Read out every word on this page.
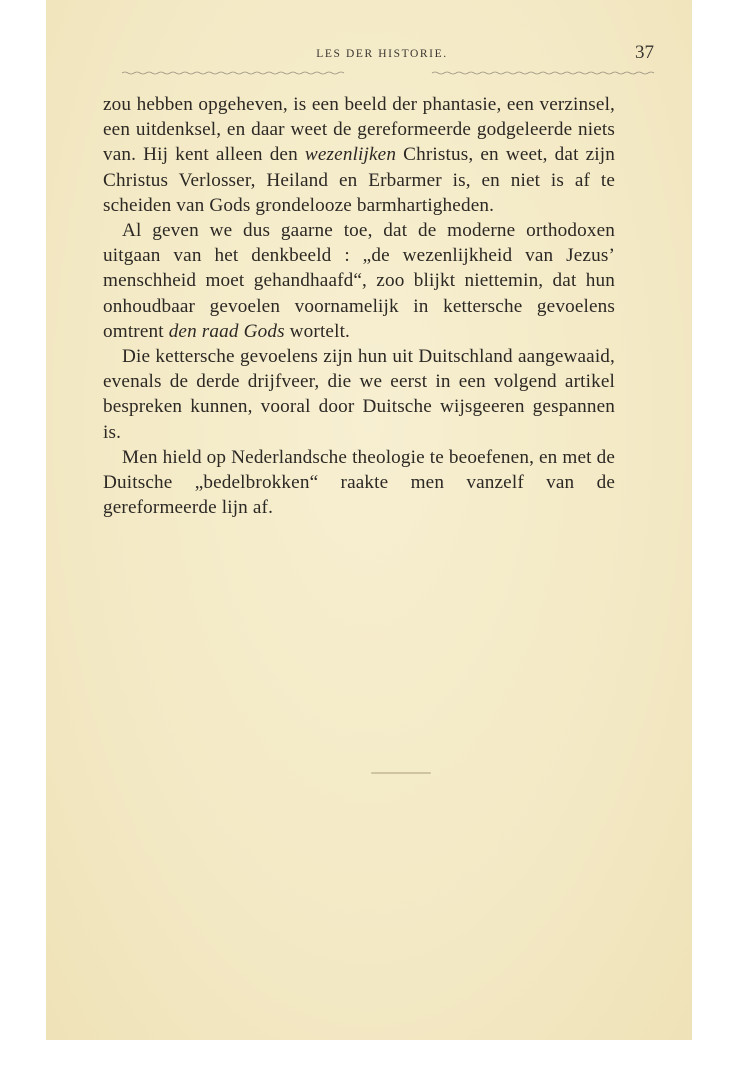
LES DER HISTORIE.	37

zou hebben opgeheven, is een beeld der phantasie, een verzinsel, een uitdenksel, en daar weet de gereformeerde godgeleerde niets van. Hij kent alleen den wezenlijken Christus, en weet, dat zijn Christus Verlosser, Heiland en Erbarmer is, en niet is af te scheiden van Gods grondelooze barmhartigheden.

Al geven we dus gaarne toe, dat de moderne orthodoxen uitgaan van het denkbeeld : „de wezenlijkheid van Jezus’ menschheid moet gehandhaafd“, zoo blijkt niettemin, dat hun onhoudbaar gevoelen voornamelijk in kettersche gevoelens omtrent den raad Gods wortelt.

Die kettersche gevoelens zijn hun uit Duitschland aangewaaid, evenals de derde drijfveer, die we eerst in een volgend artikel bespreken kunnen, vooral door Duitsche wijsgeeren gespannen is.

Men hield op Nederlandsche theologie te beoefenen, en met de Duitsche „bedelbrokken“ raakte men vanzelf van de gereformeerde lijn af.
